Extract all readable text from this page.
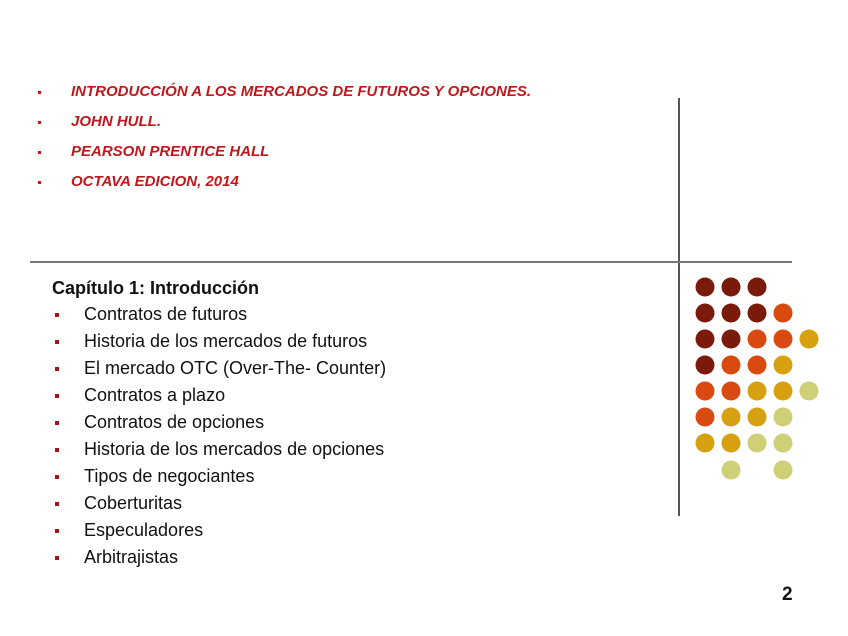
INTRODUCCIÓN A LOS MERCADOS DE FUTUROS Y OPCIONES.
JOHN HULL.
PEARSON PRENTICE HALL
OCTAVA EDICION, 2014
Capítulo 1: Introducción
Contratos de futuros
Historia de los mercados de futuros
El mercado OTC (Over-The- Counter)
Contratos a plazo
Contratos de opciones
Historia de los mercados de opciones
Tipos de negociantes
Coberturitas
Especuladores
Arbitrajistas
2
